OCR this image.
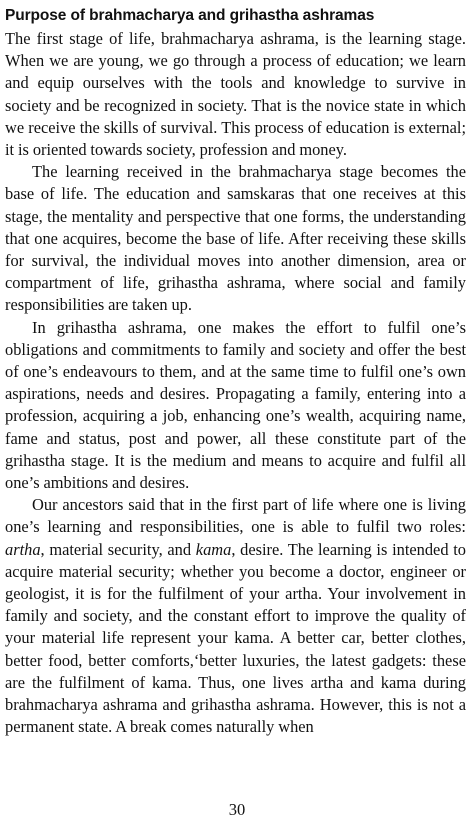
Purpose of brahmacharya and grihastha ashramas

The first stage of life, brahmacharya ashrama, is the learning stage. When we are young, we go through a process of education; we learn and equip ourselves with the tools and knowledge to survive in society and be recognized in society. That is the novice state in which we receive the skills of survival. This process of education is external; it is oriented towards society, profession and money.

The learning received in the brahmacharya stage becomes the base of life. The education and samskaras that one receives at this stage, the mentality and perspective that one forms, the understanding that one acquires, become the base of life. After receiving these skills for survival, the individual moves into another dimension, area or compartment of life, grihastha ashrama, where social and family responsibilities are taken up.

In grihastha ashrama, one makes the effort to fulfil one’s obligations and commitments to family and society and offer the best of one’s endeavours to them, and at the same time to fulfil one’s own aspirations, needs and desires. Propagating a family, entering into a profession, acquiring a job, enhancing one’s wealth, acquiring name, fame and status, post and power, all these constitute part of the grihastha stage. It is the medium and means to acquire and fulfil all one’s ambitions and desires.

Our ancestors said that in the first part of life where one is living one’s learning and responsibilities, one is able to fulfil two roles: artha, material security, and kama, desire. The learning is intended to acquire material security; whether you become a doctor, engineer or geologist, it is for the fulfilment of your artha. Your involvement in family and society, and the constant effort to improve the quality of your material life represent your kama. A better car, better clothes, better food, better comforts,‘better luxuries, the latest gadgets: these are the fulfilment of kama. Thus, one lives artha and kama during brahmacharya ashrama and grihastha ashrama. However, this is not a permanent state. A break comes naturally when

30
